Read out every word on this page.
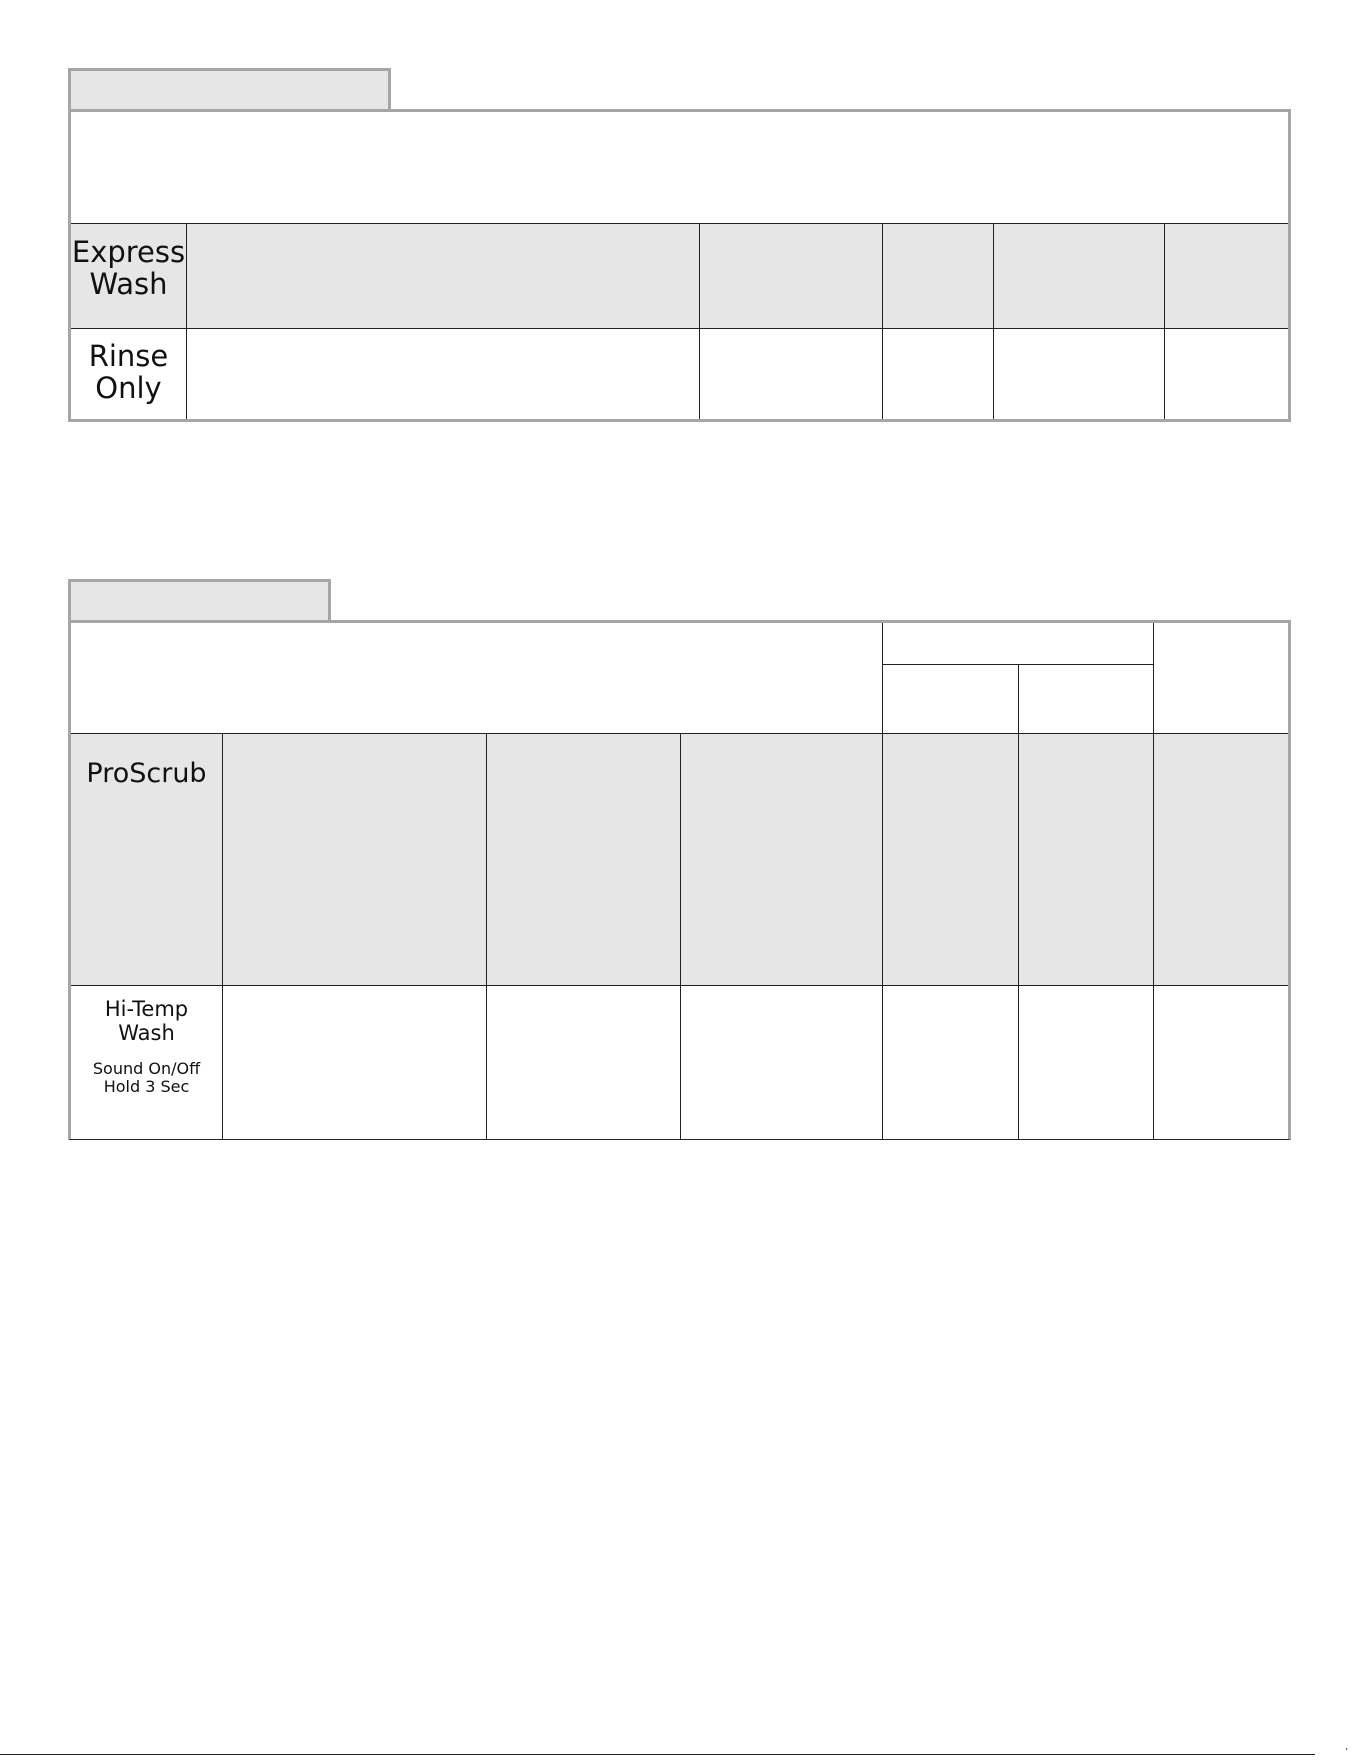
Express
Wash
Rinse
Only
ProScrub
Hi-Temp
Wash
Sound On/Off
Hold 3 Sec
’
